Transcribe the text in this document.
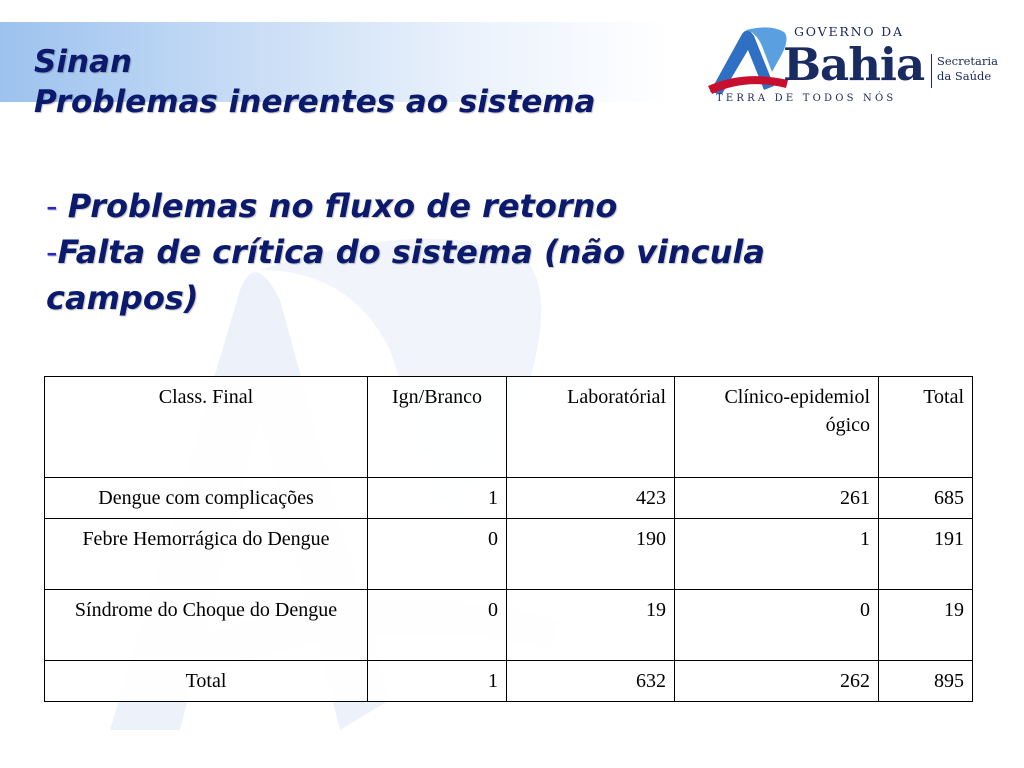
Sinan
Problemas inerentes ao sistema
- Problemas no fluxo de retorno
-Falta de crítica do sistema (não vincula campos)
GOVERNO DA
Bahia
TERRA DE TODOS NÓS
Secretaria
da Saúde
Class. Final	Ign/Branco	Laboratórial	Clínico-epidemiológico	Total
Dengue com complicações	1	423	261	685
Febre Hemorrágica do Dengue	0	190	1	191
Síndrome do Choque do Dengue	0	19	0	19
Total	1	632	262	895
